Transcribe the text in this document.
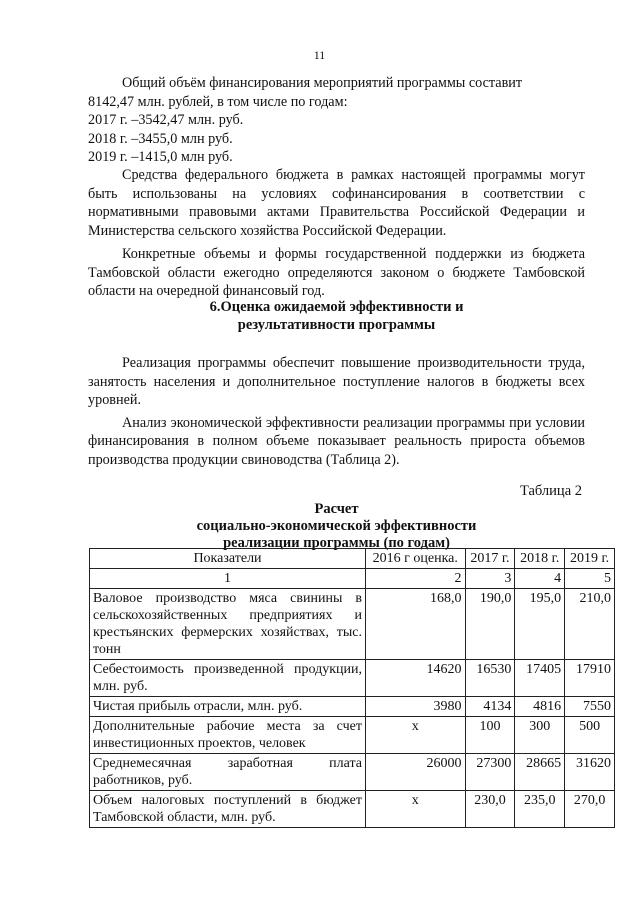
11
Общий объём финансирования мероприятий программы составит
8142,47 млн. рублей, в том числе по годам:
2017 г. –3542,47 млн. руб.
2018 г. –3455,0 млн руб.
2019 г. –1415,0 млн руб.

Средства федерального бюджета в рамках настоящей программы могут быть использованы на условиях софинансирования в соответствии с нормативными правовыми актами Правительства Российской Федерации и Министерства сельского хозяйства Российской Федерации.

Конкретные объемы и формы государственной поддержки из бюджета Тамбовской области ежегодно определяются законом о бюджете Тамбовской области на очередной финансовый год.

6.Оценка ожидаемой эффективности и
результативности программы

Реализация программы обеспечит повышение производительности труда, занятость населения и дополнительное поступление налогов в бюджеты всех уровней.

Анализ экономической эффективности реализации программы при условии финансирования в полном объеме показывает реальность прироста объемов производства продукции свиноводства (Таблица 2).

Таблица 2
Расчет
социально-экономической эффективности
реализации программы (по годам)
Показатели	2016 г оценка.	2017 г.	2018 г.	2019 г.
1	2	3	4	5
Валовое производство мяса свинины в сельскохозяйственных предприятиях и крестьянских фермерских хозяйствах, тыс. тонн	168,0	190,0	195,0	210,0
Себестоимость произведенной продукции, млн. руб.	14620	16530	17405	17910
Чистая прибыль отрасли, млн. руб.	3980	4134	4816	7550
Дополнительные рабочие места за счет инвестиционных проектов, человек	x	100	300	500
Среднемесячная заработная плата работников, руб.	26000	27300	28665	31620
Объем налоговых поступлений в бюджет Тамбовской области, млн. руб.	x	230,0	235,0	270,0
